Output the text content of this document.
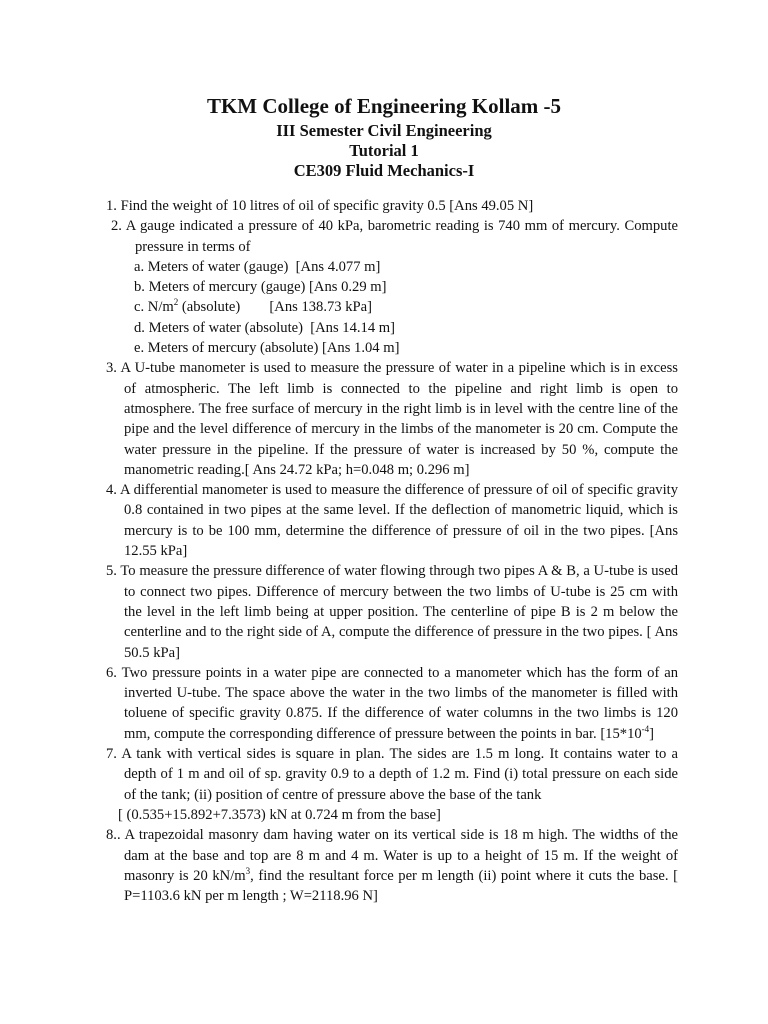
TKM College of Engineering Kollam -5

III Semester Civil Engineering

Tutorial 1

CE309 Fluid Mechanics-I

1. Find the weight of 10 litres of oil of specific gravity 0.5 [Ans 49.05 N]

2. A gauge indicated a pressure of 40 kPa, barometric reading is 740 mm of mercury. Compute pressure in terms of

a. Meters of water (gauge)  [Ans 4.077 m]

b. Meters of mercury (gauge) [Ans 0.29 m]

c. $N/m^2$ (absolute)        [Ans 138.73 kPa]

d. Meters of water (absolute)  [Ans 14.14 m]

e. Meters of mercury (absolute) [Ans 1.04 m]

3. A U-tube manometer is used to measure the pressure of water in a pipeline which is in excess of atmospheric. The left limb is connected to the pipeline and right limb is open to atmosphere. The free surface of mercury in the right limb is in level with the centre line of the pipe and the level difference of mercury in the limbs of the manometer is 20 cm. Compute the water pressure in the pipeline. If the pressure of water is increased by 50 %, compute the manometric reading.[ Ans 24.72 kPa; h=0.048 m; 0.296 m]

4. A differential manometer is used to measure the difference of pressure of oil of specific gravity 0.8 contained in two pipes at the same level. If the deflection of manometric liquid, which is mercury is to be 100 mm, determine the difference of pressure of oil in the two pipes. [Ans 12.55 kPa]

5. To measure the pressure difference of water flowing through two pipes A & B, a U-tube is used to connect two pipes. Difference of mercury between the two limbs of U-tube is 25 cm with the level in the left limb being at upper position. The centerline of pipe B is 2 m below the centerline and to the right side of A, compute the difference of pressure in the two pipes. [ Ans 50.5 kPa]

6. Two pressure points in a water pipe are connected to a manometer which has the form of an inverted U-tube. The space above the water in the two limbs of the manometer is filled with toluene of specific gravity 0.875. If the difference of water columns in the two limbs is 120 mm, compute the corresponding difference of pressure between the points in bar. $[15*10^{-4}]$

7. A tank with vertical sides is square in plan. The sides are 1.5 m long. It contains water to a depth of 1 m and oil of sp. gravity 0.9 to a depth of 1.2 m. Find (i) total pressure on each side of the tank; (ii) position of centre of pressure above the base of the tank

[ (0.535+15.892+7.3573) kN at 0.724 m from the base]

8.. A trapezoidal masonry dam having water on its vertical side is 18 m high. The widths of the dam at the base and top are 8 m and 4 m. Water is up to a height of 15 m. If the weight of masonry is 20 $kN/m^3$, find the resultant force per m length (ii) point where it cuts the base. [ P=1103.6 kN per m length ; W=2118.96 N]
